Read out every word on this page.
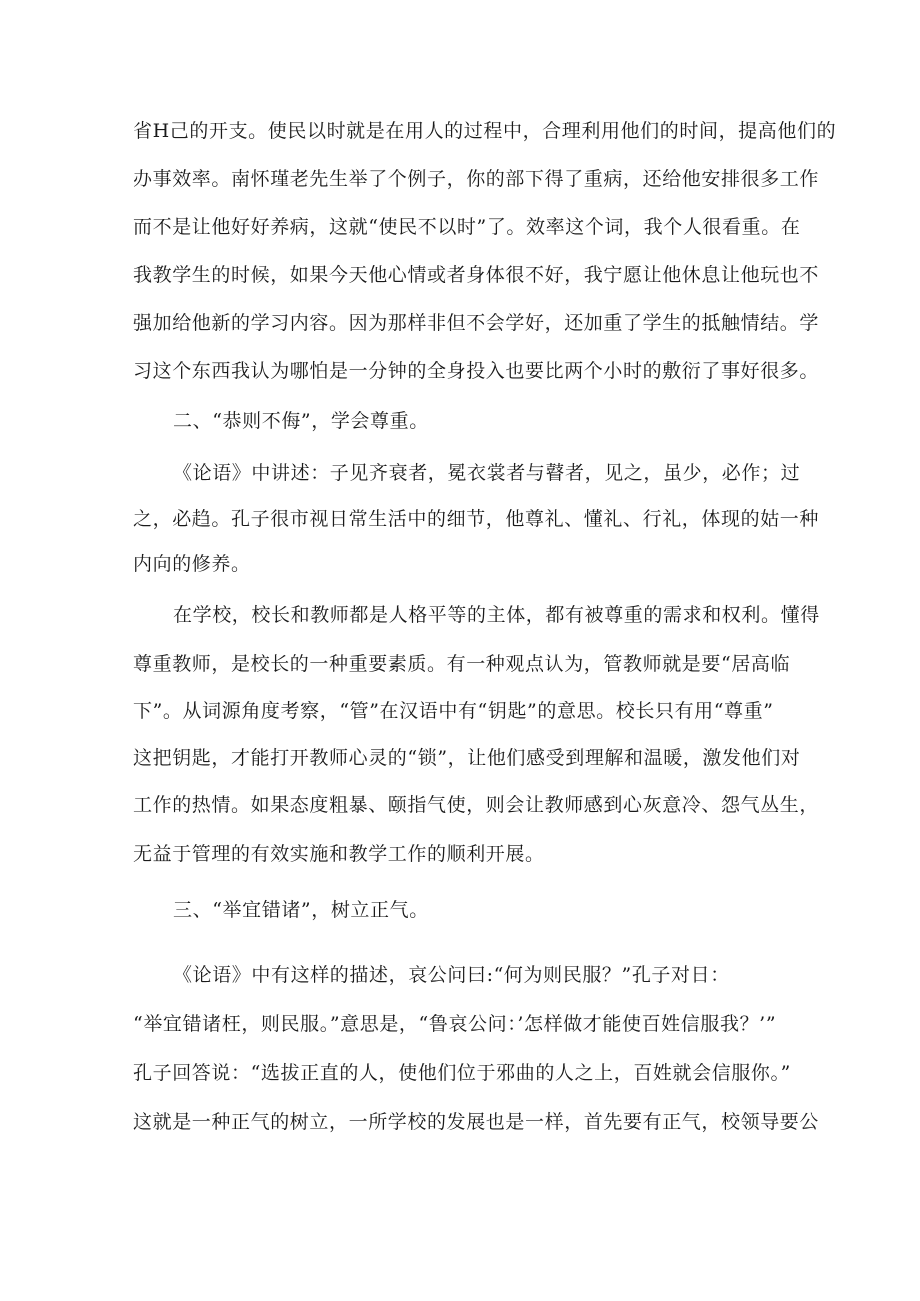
省H己的开支。使民以时就是在用人的过程中，合理利用他们的时间，提高他们的
办事效率。南怀瑾老先生举了个例子，你的部下得了重病，还给他安排很多工作
而不是让他好好养病，这就“使民不以时”了。效率这个词，我个人很看重。在
我教学生的时候，如果今天他心情或者身体很不好，我宁愿让他休息让他玩也不
强加给他新的学习内容。因为那样非但不会学好，还加重了学生的抵触情结。学
习这个东西我认为哪怕是一分钟的全身投入也要比两个小时的敷衍了事好很多。
二、“恭则不侮”，学会尊重。
《论语》中讲述：子见齐衰者，冕衣裳者与瞽者，见之，虽少，必作；过
之，必趋。孔子很市视日常生活中的细节，他尊礼、懂礼、行礼，体现的姑一种
内向的修养。
在学校，校长和教师都是人格平等的主体，都有被尊重的需求和权利。懂得
尊重教师，是校长的一种重要素质。有一种观点认为，管教师就是要“居高临
下”。从词源角度考察，“管”在汉语中有“钥匙”的意思。校长只有用“尊重”
这把钥匙，才能打开教师心灵的“锁”，让他们感受到理解和温暖，激发他们对
工作的热情。如果态度粗暴、颐指气使，则会让教师感到心灰意冷、怨气丛生，
无益于管理的有效实施和教学工作的顺利开展。
三、“举宜错诸”，树立正气。
《论语》中有这样的描述，哀公问曰:“何为则民服？”孔子对日：
“举宜错诸枉，则民服。”意思是，“鲁哀公问：’怎样做才能使百姓信服我？’”
孔子回答说：“选拔正直的人，使他们位于邪曲的人之上，百姓就会信服你。”
这就是一种正气的树立，一所学校的发展也是一样，首先要有正气，校领导要公
